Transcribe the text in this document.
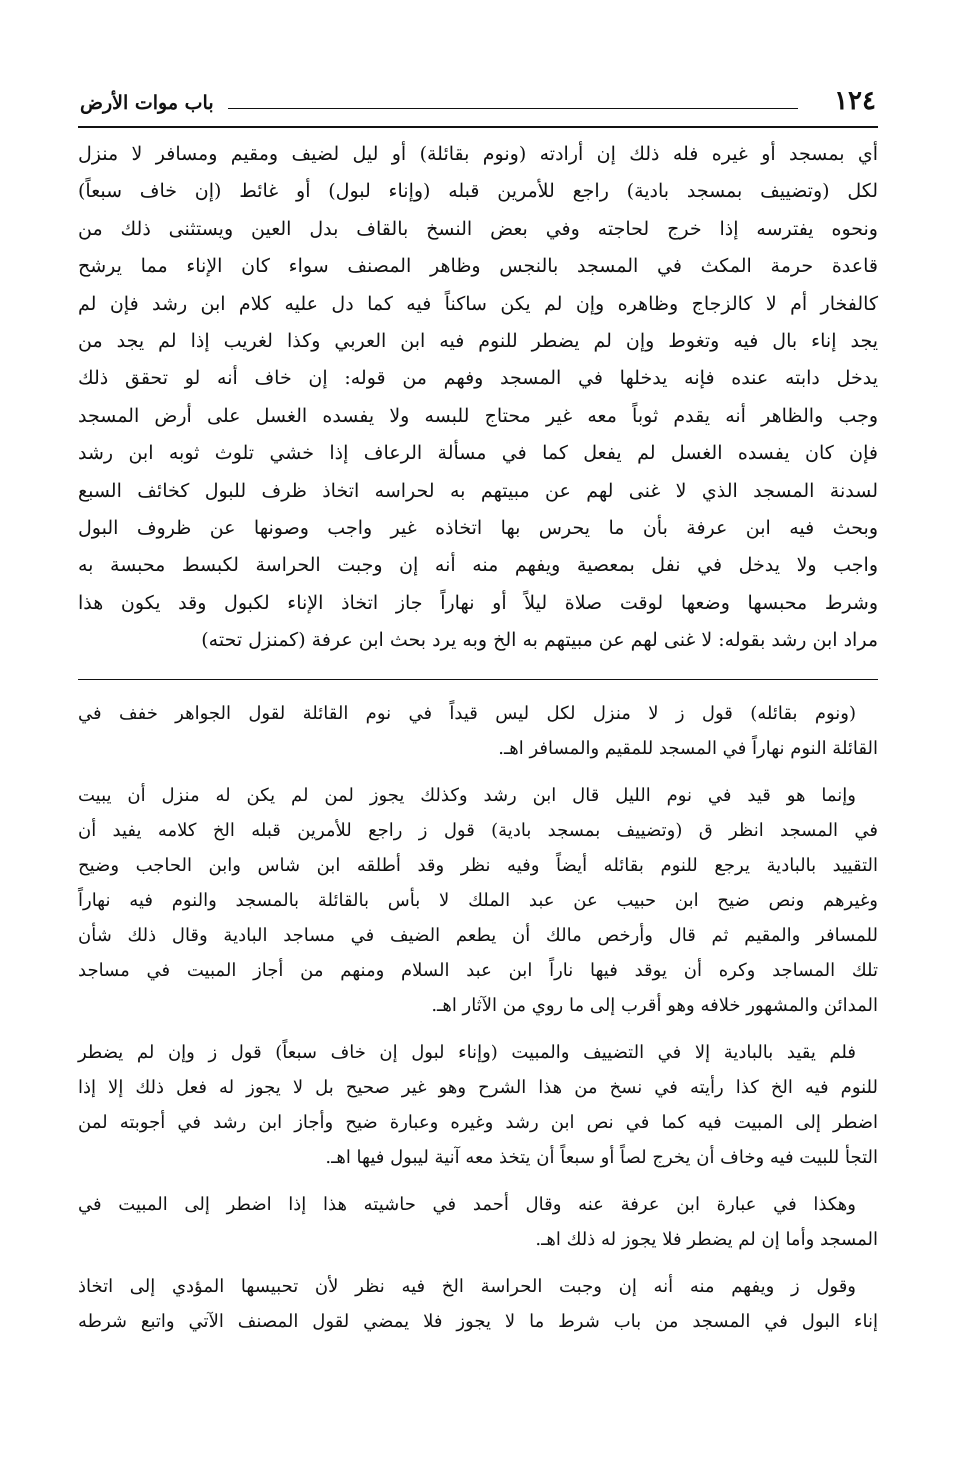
١٢٤
باب موات الأرض
أي بمسجد أو غيره فله ذلك إن أرادته (ونوم بقائلة) أو ليل لضيف ومقيم ومسافر لا منزل
لكل (وتضييف بمسجد بادية) راجع للأمرين قبله (وإناء لبول) أو غائط (إن خاف سبعاً)
ونحوه يفترسه إذا خرج لحاجته وفي بعض النسخ بالقاف بدل العين ويستثنى ذلك من
قاعدة حرمة المكث في المسجد بالنجس وظاهر المصنف سواء كان الإناء مما يرشح
كالفخار أم لا كالزجاج وظاهره وإن لم يكن ساكناً فيه كما دل عليه كلام ابن رشد فإن لم
يجد إناء بال فيه وتغوط وإن لم يضطر للنوم فيه ابن العربي وكذا لغريب إذا لم يجد من
يدخل دابته عنده فإنه يدخلها في المسجد وفهم من قوله: إن خاف أنه لو تحقق ذلك
وجب والظاهر أنه يقدم ثوباً معه غير محتاج للبسه ولا يفسده الغسل على أرض المسجد
فإن كان يفسده الغسل لم يفعل كما في مسألة الرعاف إذا خشي تلوث ثوبه ابن رشد
لسدنة المسجد الذي لا غنى لهم عن مبيتهم به لحراسه اتخاذ ظرف للبول كخائف السبع
وبحث فيه ابن عرفة بأن ما يحرس بها اتخاذه غير واجب وصونها عن ظروف البول
واجب ولا يدخل في نفل بمعصية ويفهم منه أنه إن وجبت الحراسة لكبسط محبسة به
وشرط محبسها وضعها لوقت صلاة ليلاً أو نهاراً جاز اتخاذ الإناء لكبول وقد يكون هذا
مراد ابن رشد بقوله: لا غنى لهم عن مبيتهم به الخ وبه يرد بحث ابن عرفة (كمنزل تحته)
(ونوم بقائله) قول ز لا منزل لكل ليس قيداً في نوم القائلة لقول الجواهر خفف في
القائلة النوم نهاراً في المسجد للمقيم والمسافر اهـ.
وإنما هو قيد في نوم الليل قال ابن رشد وكذلك يجوز لمن لم يكن له منزل أن يبيت
في المسجد انظر ق (وتضييف بمسجد بادية) قول ز راجع للأمرين قبله الخ كلامه يفيد أن
التقييد بالبادية يرجع للنوم بقائله أيضاً وفيه نظر وقد أطلقه ابن شاس وابن الحاجب وضيح
وغيرهم ونص ضيح ابن حبيب عن عبد الملك لا بأس بالقائلة بالمسجد والنوم فيه نهاراً
للمسافر والمقيم ثم قال وأرخص مالك أن يطعم الضيف في مساجد البادية وقال ذلك شأن
تلك المساجد وكره أن يوقد فيها ناراً ابن عبد السلام ومنهم من أجاز المبيت في مساجد
المدائن والمشهور خلافه وهو أقرب إلى ما روي من الآثار اهـ.
فلم يقيد بالبادية إلا في التضييف والمبيت (وإناء لبول إن خاف سبعاً) قول ز وإن لم يضطر
للنوم فيه الخ كذا رأيته في نسخ من هذا الشرح وهو غير صحيح بل لا يجوز له فعل ذلك إلا إذا
اضطر إلى المبيت فيه كما في نص ابن رشد وغيره وعبارة ضيح وأجاز ابن رشد في أجوبته لمن
التجأ للبيت فيه وخاف أن يخرج لصاً أو سبعاً أن يتخذ معه آنية ليبول فيها اهـ.
وهكذا في عبارة ابن عرفة عنه وقال أحمد في حاشيته هذا إذا اضطر إلى المبيت في
المسجد وأما إن لم يضطر فلا يجوز له ذلك اهـ.
وقول ز ويفهم منه أنه إن وجبت الحراسة الخ فيه نظر لأن تحبيسها المؤدي إلى اتخاذ
إناء البول في المسجد من باب شرط ما لا يجوز فلا يمضي لقول المصنف الآتي واتبع شرطه
